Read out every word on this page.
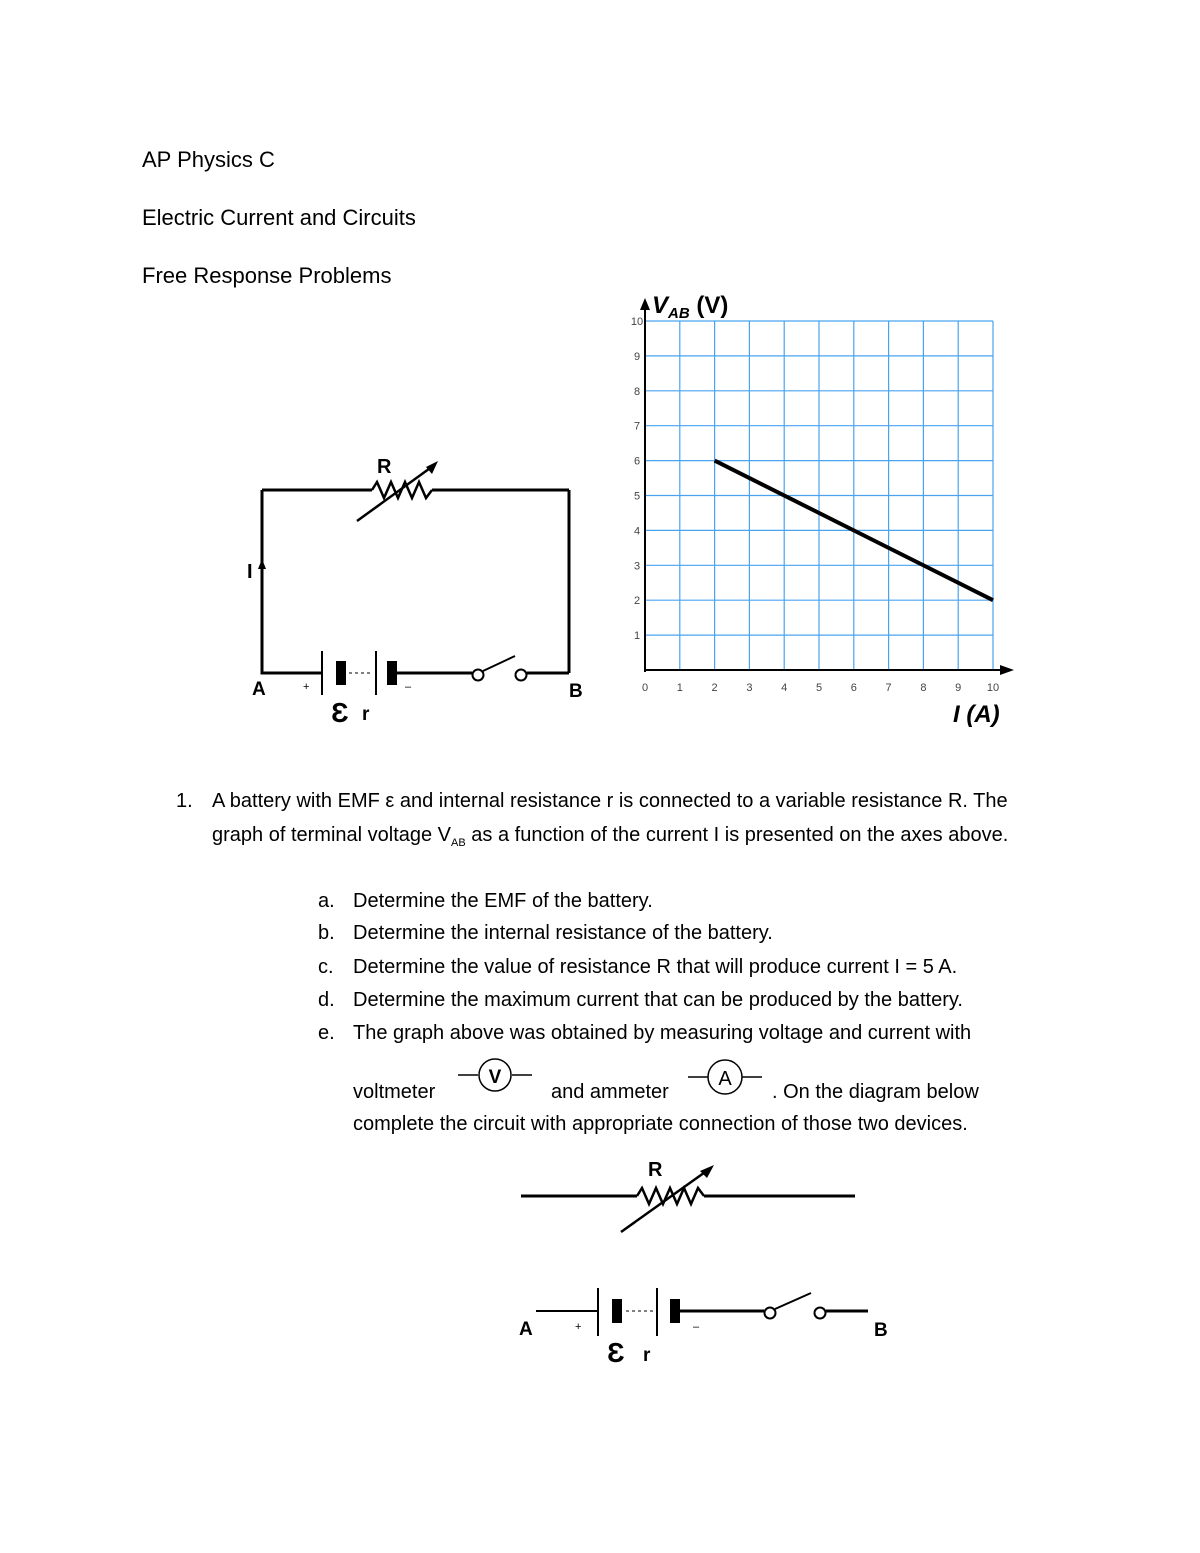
AP Physics C
Electric Current and Circuits
Free Response Problems
R
I
A	B
+	–
Ɛ r
0	1	2	3	4	5	6	7	8	9 10
1
2
3
4
5
6
7
8
9
10
$V_{AB}$ (V)
I (A)
V	A
R
A	B
+	–
Ɛ r
1. A battery with EMF ε and internal resistance r is connected to a variable resistance R. The graph of terminal voltage $V_{AB}$ as a function of the current I is presented on the axes above.
a. Determine the EMF of the battery.
b. Determine the internal resistance of the battery.
c. Determine the value of resistance R that will produce current I = 5 A.
d. Determine the maximum current that can be produced by the battery.
e. The graph above was obtained by measuring voltage and current with
voltmeter	and ammeter	. On the diagram below
complete the circuit with appropriate connection of those two devices.
